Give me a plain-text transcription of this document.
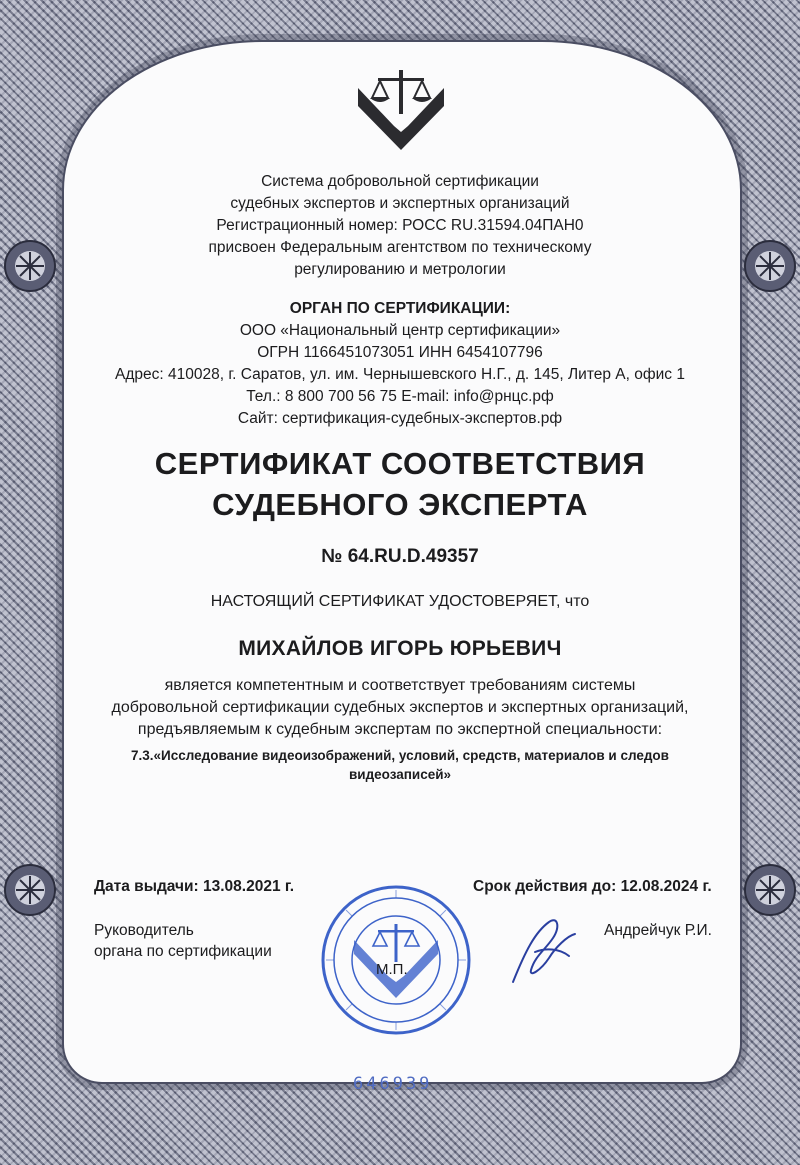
Система добровольной сертификации
судебных экспертов и экспертных организаций
Регистрационный номер: РОСС RU.31594.04ПАН0
присвоен Федеральным агентством по техническому
регулированию и метрологии
ОРГАН ПО СЕРТИФИКАЦИИ:
ООО «Национальный центр сертификации»
ОГРН 1166451073051 ИНН 6454107796
Адрес: 410028, г. Саратов, ул. им. Чернышевского Н.Г., д. 145, Литер А, офис 1
Тел.: 8 800 700 56 75 E-mail: info@рнцс.рф
Сайт: сертификация-судебных-экспертов.рф
СЕРТИФИКАТ СООТВЕТСТВИЯ
СУДЕБНОГО ЭКСПЕРТА
№ 64.RU.D.49357
НАСТОЯЩИЙ СЕРТИФИКАТ УДОСТОВЕРЯЕТ, что
МИХАЙЛОВ ИГОРЬ ЮРЬЕВИЧ
является компетентным и соответствует требованиям системы
добровольной сертификации судебных экспертов и экспертных организаций,
предъявляемым к судебным экспертам по экспертной специальности:
7.3.«Исследование видеоизображений, условий, средств, материалов и следов
видеозаписей»
Дата выдачи: 13.08.2021 г.	Срок действия до: 12.08.2024 г.
Руководитель
органа по сертификации
Андрейчук Р.И.
М.П.
646939
